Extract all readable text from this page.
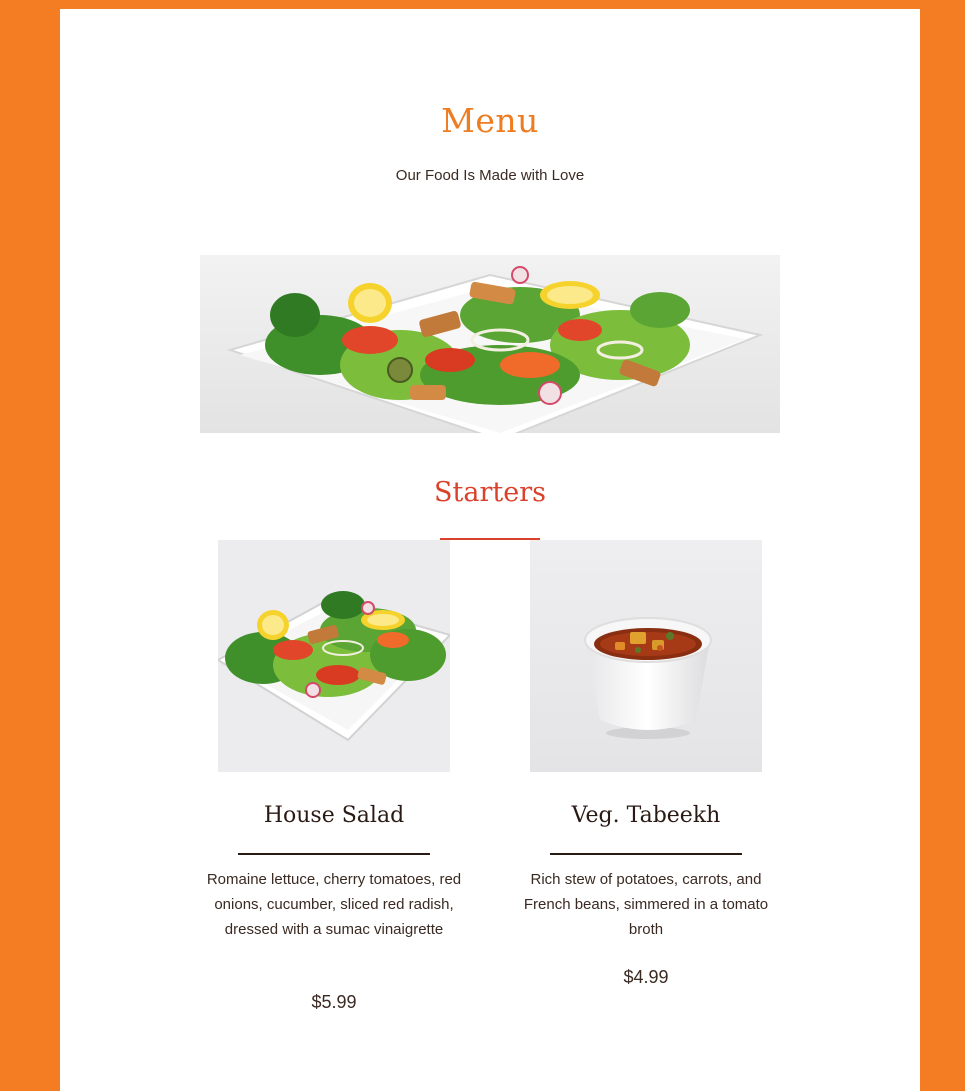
Menu

Our Food Is Made with Love

Starters
House Salad

Romaine lettuce, cherry tomatoes, red onions, cucumber, sliced red radish, dressed with a sumac vinaigrette

$5.99

Veg. Tabeekh

Rich stew of potatoes, carrots, and French beans, simmered in a tomato broth

$4.99
